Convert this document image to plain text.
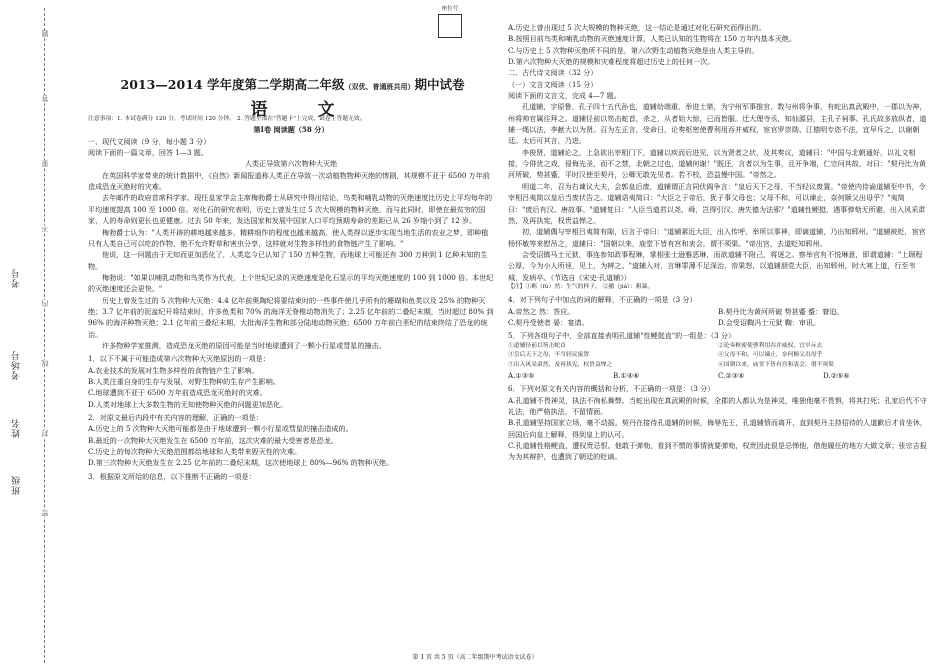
班级
姓名
考场号
考号
题
答
要
不
内
线
封
密
座位号
2013—2014 学年度第二学期高二年级（双优、普通班共用）期中试卷
语 文

注意事项：1. 本试卷满分 120 分，考试时间 120 分钟。 2. 答题全部在"答题卡"上完成，试卷上答题无效。

第Ⅰ卷 阅读题（58 分）

一、现代文阅读（9 分，每小题 3 分）

阅读下面的一篇文章，回答 1—3 题。

人类正导致第六次物种大灭绝

在英国科学家带来的统计数据中，《自然》新闻报道称人类正在导致一次动植物物种灭绝的惨剧，其规模不亚于 6500 万年前造成恐龙灭绝时的灾难。

去年邮件的政府首席科学家、现任皇家学会主席梅勃爵士从研究中得出结论，鸟类和哺乳动物的灭绝速度比历史上平均每年的平均速度提高 100 至 1000 倍。对化石的研究表明，历史上曾发生过 5 次大规模的物种灭绝，而与此同时，即使在最贫穷的国家，人的寿命则更长也更健康。过去 50 年来，发达国家和发展中国家人口平均预期寿命的差距已从 26 岁缩小到了 12 岁。

梅勃爵士认为："人类开辟的耕地越来越多，精耕细作的程度也越来越高，使人类得以逐步实现当地生活的农业之梦，即种植只有人类自己可以吃的作物，绝不允许野草和害虫分享，这样就对生物多样性的食物链产生了影响。"

他说，这一问题由于无知而更加恶化了，人类迄今已认知了 150 万种生物，而地球上可能还有 300 万种到 1 亿种未知的生物。

梅勃说："如果以哺乳动物和鸟类作为代表，上个世纪记录的灭绝速度是化石显示的平均灭绝速度的 100 到 1000 倍。本世纪的灭绝速度还会更快。"

历史上曾发生过的 5 次物种大灭绝：4.4 亿年前奥陶纪将要结束时的一些事件使几乎所有的珊瑚和鱼类以及 25% 的物种灭绝；3.7 亿年前的泥盆纪开将结束时，许多鱼类和 70% 的海洋无脊椎动物消失了；2.25 亿年前的二叠纪末期，当时超过 80% 到 96% 的海洋种物灭绝；2.1 亿年前三叠纪末期，大批海洋生物和部分陆地动物灭绝；6500 万年前白垩纪的结束终结了恐龙的统治。

许多物种学家推测，造成恐龙灭绝的原因可能是当时地球遭到了一颗小行星或彗星的撞击。

1．以下不属于可能造成第六次物种大灭绝原因的一项是：

A.农业技术的发展对生物多样性的食物链产生了影响。

B.人类注重自身的生存与发展，对野生物种的生存产生影响。

C.地球遭到不亚于 6500 万年前造成恐龙灭绝时的灾难。

D.人类对地球上大多数生物的无知使物种灭绝的问题更加恶化。

2．对原文最后内段中有关内容的理解，正确的一项是：

A.历史上的 5 次物种大灭绝可能都是由于地球遭到一颗小行星或彗星的撞击造成的。

B.最近的一次物种大灭绝发生在 6500 万年前，这次灾难的最大受害者是恐龙。

C.历史上的每次物种大灭绝范围都给地球和人类带来毁灭性的灾难。

D.第三次物种大灭绝发生在 2.25 亿年前的二叠纪末期，这次使地球上 80%—96% 的物种灭绝。

3．根据原文所给的信息，以下推断不正确的一项是：

A.历史上曾出现过 5 次大规模的物种灭绝，这一结论是通过对化石研究而得出的。

B.按照目前鸟类和哺乳动物的灭绝速度计算，人类已认知的生物将在 150 万年内基本灭绝。

C.与历史上 5 次物种灭绝所不同的是，第六次野生动植物灭绝是由人类主导的。

D.第六次物种大灭绝的规模和灾难程度将超过历史上的任何一次。

二、古代诗文阅读（32 分）

（一）文言文阅读（15 分）

阅读下面的文言文，完成 4—7 题。

孔道辅，字原鲁，孔子四十五代孙也，道辅幼端重，举进士第，为宁州军事推官，数与州将争事，有蛇出真武殿中，一郡以为神，州将帅官属往拜之。道辅径前以笏击蛇首，杀之，从者始大惊，已而皆服。迁大理寺丞，知仙源县，主孔子祠事。孔氏故多放纵者，道辅一绳以法，李献大以为贤。召为左正言，受命日，论奏枢密使曹利用吞并威权，宦官罗崇勋、江德明专恣不法，宜早斥之，以谢朝廷。太后可其言，乃进。

李俊贤，道辅论之，上急欲出宰相门下，道辅以疾而后进见，以为贤者之状，及其奏议，道辅曰："中国与北朝通好，以礼文相接，今俳优之戏，侵侮先圣，而不之禁，北朝之过也，道辅何谢！"既还，言者以为生事，且开争端，仁宗问其故，对曰："契丹比为黄河所破，势甚蹙，平时汉使至契丹，公卿无敢先见者。若不校，恐益慢中国。"帝然之。

明道二年，召为右谏议大夫，会郭皇后废，道辅谓正言同伏阁争言："皇后天下之母，不当轻议废置。"帝使内侍谕道辅至中书，令宰相吕夷简以皇后当废状告之。道辅语夷简曰："大臣之于帝后，犹子事父母也；父母不和，可以谏止，奈何顺父出母乎？"夷简曰："废后有汉、唐故事。"道辅复曰："人臣当道君以尧、舜，岂得引汉、唐失德为法邪？"道辅性鲠挺，遇事弹劾无所避，出入风采肃然，及再执宪，权贵益惮之。

初，道辅偶与宰相吕夷简有隙，后言于帝曰："道辅素近大臣，出入传呼，举所以事神，即谪道辅，乃出知郓州。"道辅被贬，宦官杨怀敏等来慰吊之，道辅曰："国朝以来，庙堂下皆有宫和衷会，谓不须渠。"帝出宫，去道贬知郓州。

会受诏镇马士元狱，事连参知政事程琳，掌相张士逊雅恶琳，而欲道辅不附己，将逐之。察举官有不悦琳意，即谓道辅："上顾程公厚，今为小人所诬，见上，为辨之。"道辅入对，言琳罪薄不足深治，帝果怒，以道辅朋党大臣，出知郓州，时大寒上道，行至韦城，发病卒。（节选自《宋史·孔道辅》）

【注】①羁（fù）然：生气的样子。 ②撤（jiǎ）：粗暴。

4．对下列句子中加点的词的解释，不正确的一项是（3 分）

A.帝然之 然：答应。	B.契丹比为黄河所破 势甚蹙 蹙：窘迫。
C.契丹受使者 晏：宴请。	D.会受诏鞫冯士元狱 鞫：审讯。

5．下列各组句子中，全部直接表明孔道辅"性鲠挺直"的一组是：（3 分）

①道辅径前以笏击蛇首	②论奏枢密使曹利用吞并威权，宜早斥去
③皇后天下之母，不当轻议废置	④父母不和，可以谏止，奈何顺父出母乎
⑤出入风采肃然，及再执宪，权贵益惮之	⑥国朝以来，庙堂下皆有宫和衷会，谓不须渠
A.①③⑤	B.①④⑥	C.②③④	D.②⑤⑥

6．下列对原文有关内容的概括和分析，不正确的一项是：（3 分）

A.孔道辅不畏神灵，执法不徇私舞弊。当蛇出现在真武殿的时候，全郡的人都认为是神灵，唯独他毫不畏惧，将其打死；孔家后代不守礼法，他严格执法，不留情面。

B.孔道辅坚持国家立场，毫不动摇。契丹在接待孔道辅的时候，侮辱先王，孔道辅愤而离开，直到契丹主持招待的人道歉后才肯坐休，回国后向皇上解释，得到皇上的认可。

C.孔道辅性格鲠直，遭权贵忌恨。他敢于弹劾，看到不惯的事情就要弹劾，权贵因此很是忌惮他，借他履任的地方大做文章；张宗吉报为为其辩护，也遭到了朝廷的贬谪。

第 1 页 共 5 页（高二年级期中考试语文试卷）
